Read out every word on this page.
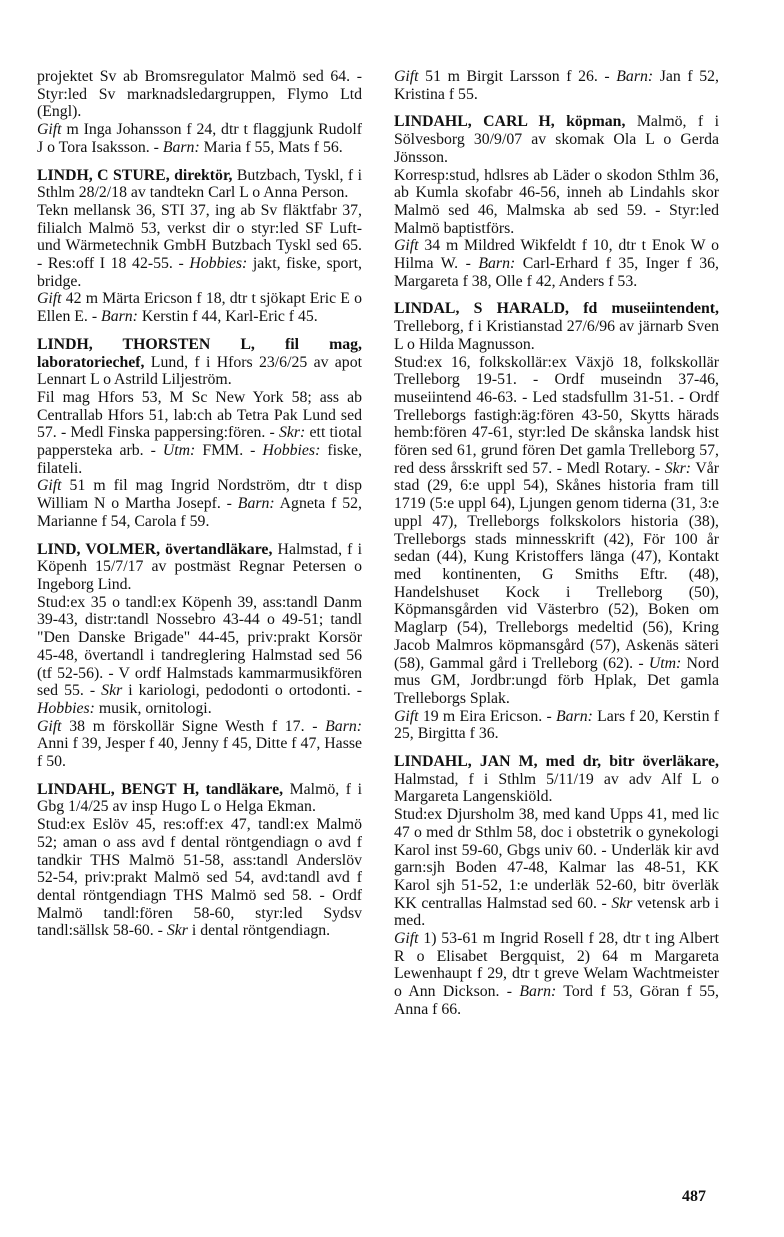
projektet Sv ab Bromsregulator Malmö sed 64. - Styr:led Sv marknadsledargruppen, Flymo Ltd (Engl).

Gift m Inga Johansson f 24, dtr t flaggjunk Rudolf J o Tora Isaksson. - Barn: Maria f 55, Mats f 56.

LINDH, C STURE, direktör, Butzbach, Tyskl, f i Sthlm 28/2/18 av tandtekn Carl L o Anna Person.

Tekn mellansk 36, STI 37, ing ab Sv fläktfabr 37, filialch Malmö 53, verkst dir o styr:led SF Luft- und Wärmetechnik GmbH Butzbach Tyskl sed 65. - Res:off I 18 42-55. - Hobbies: jakt, fiske, sport, bridge.

Gift 42 m Märta Ericson f 18, dtr t sjökapt Eric E o Ellen E. - Barn: Kerstin f 44, Karl-Eric f 45.

LINDH, THORSTEN L, fil mag, laboratoriechef, Lund, f i Hfors 23/6/25 av apot Lennart L o Astrild Liljeström.

Fil mag Hfors 53, M Sc New York 58; ass ab Centrallab Hfors 51, lab:ch ab Tetra Pak Lund sed 57. - Medl Finska pappersing:fören. - Skr: ett tiotal pappersteka arb. - Utm: FMM. - Hobbies: fiske, filateli.

Gift 51 m fil mag Ingrid Nordström, dtr t disp William N o Martha Josepf. - Barn: Agneta f 52, Marianne f 54, Carola f 59.

LIND, VOLMER, övertandläkare, Halmstad, f i Köpenh 15/7/17 av postmäst Regnar Petersen o Ingeborg Lind.

Stud:ex 35 o tandl:ex Köpenh 39, ass:tandl Danm 39-43, distr:tandl Nossebro 43-44 o 49-51; tandl "Den Danske Brigade" 44-45, priv:prakt Korsör 45-48, övertandl i tandreglering Halmstad sed 56 (tf 52-56). - V ordf Halmstads kammarmusikfören sed 55. - Skr i kariologi, pedodonti o ortodonti. - Hobbies: musik, ornitologi.

Gift 38 m förskollär Signe Westh f 17. - Barn: Anni f 39, Jesper f 40, Jenny f 45, Ditte f 47, Hasse f 50.

LINDAHL, BENGT H, tandläkare, Malmö, f i Gbg 1/4/25 av insp Hugo L o Helga Ekman.

Stud:ex Eslöv 45, res:off:ex 47, tandl:ex Malmö 52; aman o ass avd f dental röntgendiagn o avd f tandkir THS Malmö 51-58, ass:tandl Anderslöv 52-54, priv:prakt Malmö sed 54, avd:tandl avd f dental röntgendiagn THS Malmö sed 58. - Ordf Malmö tandl:fören 58-60, styr:led Sydsv tandl:sällsk 58-60. - Skr i dental röntgendiagn.

Gift 51 m Birgit Larsson f 26. - Barn: Jan f 52, Kristina f 55.

LINDAHL, CARL H, köpman, Malmö, f i Sölvesborg 30/9/07 av skomak Ola L o Gerda Jönsson.

Korresp:stud, hdlsres ab Läder o skodon Sthlm 36, ab Kumla skofabr 46-56, inneh ab Lindahls skor Malmö sed 46, Malmska ab sed 59. - Styr:led Malmö baptistförs.

Gift 34 m Mildred Wikfeldt f 10, dtr t Enok W o Hilma W. - Barn: Carl-Erhard f 35, Inger f 36, Margareta f 38, Olle f 42, Anders f 53.

LINDAL, S HARALD, fd museiintendent, Trelleborg, f i Kristianstad 27/6/96 av järnarb Sven L o Hilda Magnusson.

Stud:ex 16, folkskollär:ex Växjö 18, folkskollär Trelleborg 19-51. - Ordf museindn 37-46, museiintend 46-63. - Led stadsfullm 31-51. - Ordf Trelleborgs fastigh:äg:fören 43-50, Skytts härads hemb:fören 47-61, styr:led De skånska landsk hist fören sed 61, grund fören Det gamla Trelleborg 57, red dess årsskrift sed 57. - Medl Rotary. - Skr: Vår stad (29, 6:e uppl 54), Skånes historia fram till 1719 (5:e uppl 64), Ljungen genom tiderna (31, 3:e uppl 47), Trelleborgs folkskolors historia (38), Trelleborgs stads minnesskrift (42), För 100 år sedan (44), Kung Kristoffers länga (47), Kontakt med kontinenten, G Smiths Eftr. (48), Handelshuset Kock i Trelleborg (50), Köpmansgården vid Västerbro (52), Boken om Maglarp (54), Trelleborgs medeltid (56), Kring Jacob Malmros köpmansgård (57), Askenäs säteri (58), Gammal gård i Trelleborg (62). - Utm: Nord mus GM, Jordbr:ungd förb Hplak, Det gamla Trelleborgs Splak.

Gift 19 m Eira Ericson. - Barn: Lars f 20, Kerstin f 25, Birgitta f 36.

LINDAHL, JAN M, med dr, bitr överläkare, Halmstad, f i Sthlm 5/11/19 av adv Alf L o Margareta Langenskiöld.

Stud:ex Djursholm 38, med kand Upps 41, med lic 47 o med dr Sthlm 58, doc i obstetrik o gynekologi Karol inst 59-60, Gbgs univ 60. - Underläk kir avd garn:sjh Boden 47-48, Kalmar las 48-51, KK Karol sjh 51-52, 1:e underläk 52-60, bitr överläk KK centrallas Halmstad sed 60. - Skr vetensk arb i med.

Gift 1) 53-61 m Ingrid Rosell f 28, dtr t ing Albert R o Elisabet Bergquist, 2) 64 m Margareta Lewenhaupt f 29, dtr t greve Welam Wachtmeister o Ann Dickson. - Barn: Tord f 53, Göran f 55, Anna f 66.

487
